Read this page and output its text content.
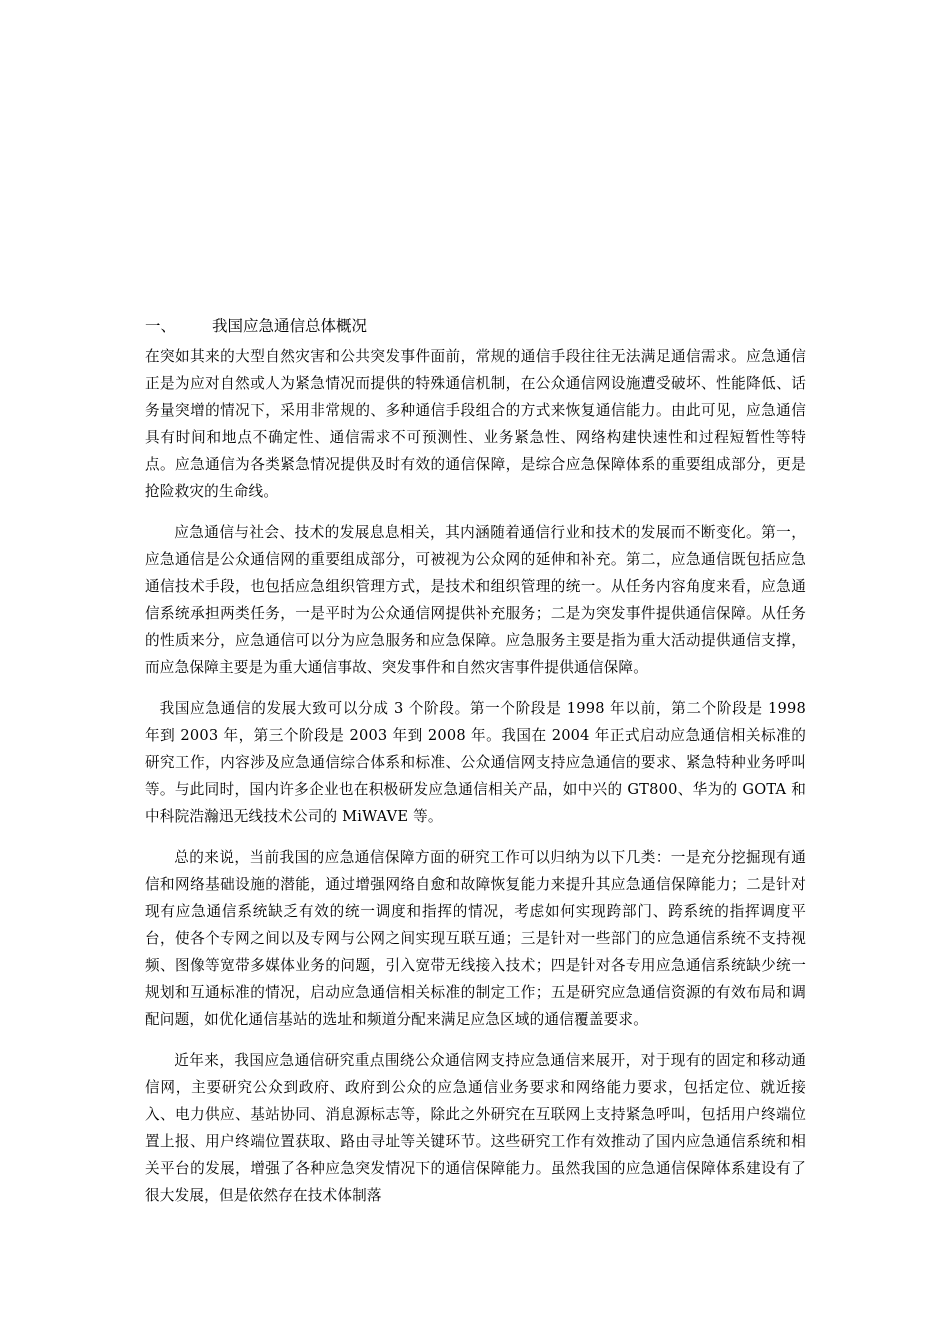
一、 我国应急通信总体概况

在突如其来的大型自然灾害和公共突发事件面前，常规的通信手段往往无法满足通信需求。应急通信正是为应对自然或人为紧急情况而提供的特殊通信机制，在公众通信网设施遭受破坏、性能降低、话务量突增的情况下，采用非常规的、多种通信手段组合的方式来恢复通信能力。由此可见，应急通信具有时间和地点不确定性、通信需求不可预测性、业务紧急性、网络构建快速性和过程短暂性等特点。应急通信为各类紧急情况提供及时有效的通信保障，是综合应急保障体系的重要组成部分，更是抢险救灾的生命线。

应急通信与社会、技术的发展息息相关，其内涵随着通信行业和技术的发展而不断变化。第一，应急通信是公众通信网的重要组成部分，可被视为公众网的延伸和补充。第二，应急通信既包括应急通信技术手段，也包括应急组织管理方式，是技术和组织管理的统一。从任务内容角度来看，应急通信系统承担两类任务，一是平时为公众通信网提供补充服务；二是为突发事件提供通信保障。从任务的性质来分，应急通信可以分为应急服务和应急保障。应急服务主要是指为重大活动提供通信支撑，而应急保障主要是为重大通信事故、突发事件和自然灾害事件提供通信保障。

我国应急通信的发展大致可以分成 3 个阶段。第一个阶段是 1998 年以前，第二个阶段是 1998 年到 2003 年，第三个阶段是 2003 年到 2008 年。我国在 2004 年正式启动应急通信相关标准的研究工作，内容涉及应急通信综合体系和标准、公众通信网支持应急通信的要求、紧急特种业务呼叫等。与此同时，国内许多企业也在积极研发应急通信相关产品，如中兴的 GT800、华为的 GOTA 和中科院浩瀚迅无线技术公司的 MiWAVE 等。

总的来说，当前我国的应急通信保障方面的研究工作可以归纳为以下几类：一是充分挖掘现有通信和网络基础设施的潜能，通过增强网络自愈和故障恢复能力来提升其应急通信保障能力；二是针对现有应急通信系统缺乏有效的统一调度和指挥的情况，考虑如何实现跨部门、跨系统的指挥调度平台，使各个专网之间以及专网与公网之间实现互联互通；三是针对一些部门的应急通信系统不支持视频、图像等宽带多媒体业务的问题，引入宽带无线接入技术；四是针对各专用应急通信系统缺少统一规划和互通标准的情况，启动应急通信相关标准的制定工作；五是研究应急通信资源的有效布局和调配问题，如优化通信基站的选址和频道分配来满足应急区域的通信覆盖要求。

近年来，我国应急通信研究重点围绕公众通信网支持应急通信来展开，对于现有的固定和移动通信网，主要研究公众到政府、政府到公众的应急通信业务要求和网络能力要求，包括定位、就近接入、电力供应、基站协同、消息源标志等，除此之外研究在互联网上支持紧急呼叫，包括用户终端位置上报、用户终端位置获取、路由寻址等关键环节。这些研究工作有效推动了国内应急通信系统和相关平台的发展，增强了各种应急突发情况下的通信保障能力。虽然我国的应急通信保障体系建设有了很大发展，但是依然存在技术体制落
